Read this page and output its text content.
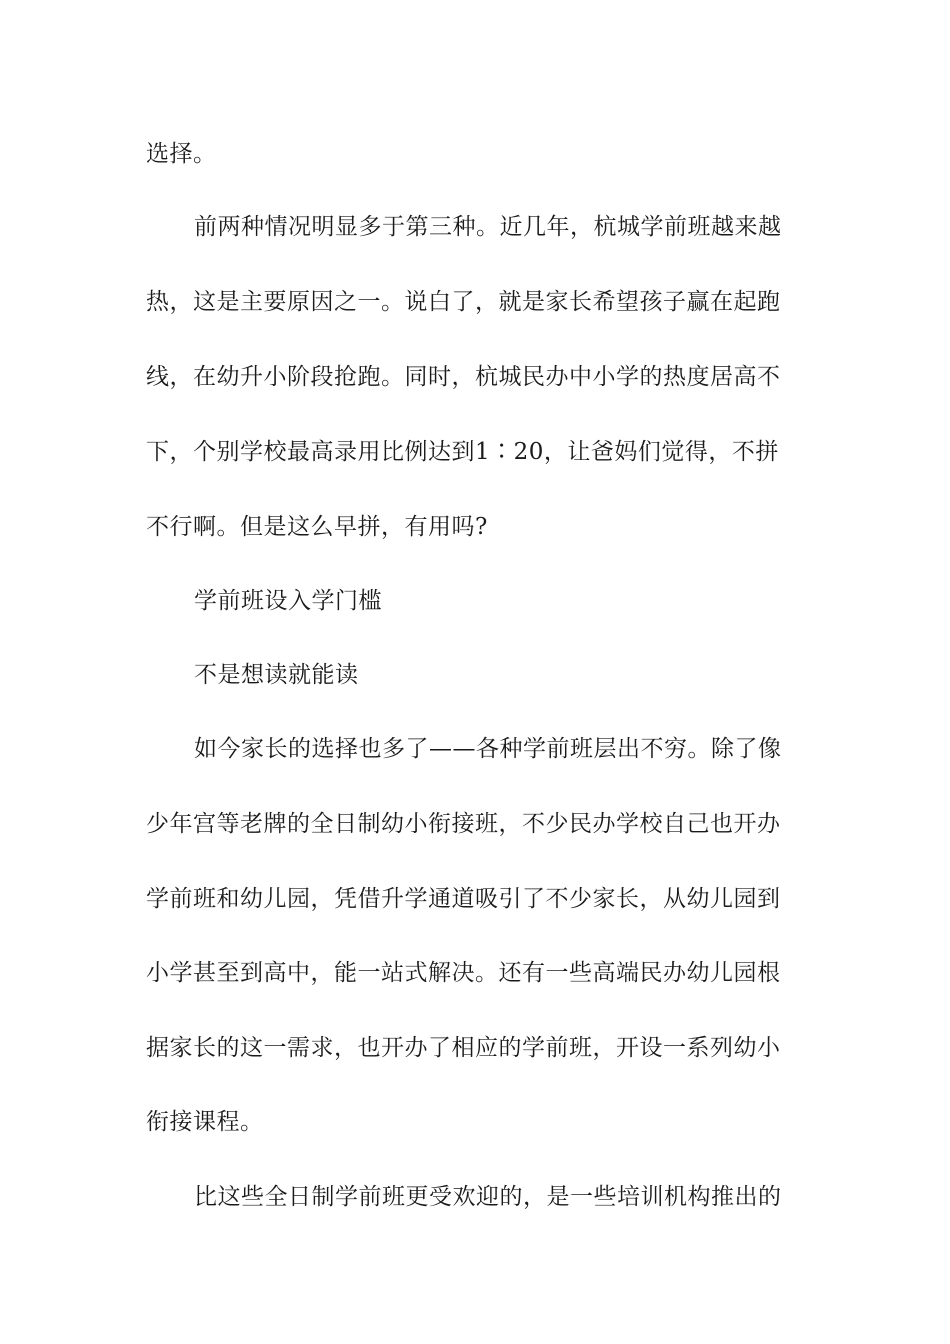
选择。
前两种情况明显多于第三种。近几年，杭城学前班越来越
热，这是主要原因之一。说白了，就是家长希望孩子赢在起跑
线，在幼升小阶段抢跑。同时，杭城民办中小学的热度居高不
下，个别学校最高录用比例达到1∶20，让爸妈们觉得，不拼
不行啊。但是这么早拼，有用吗?
学前班设入学门槛
不是想读就能读
如今家长的选择也多了——各种学前班层出不穷。除了像
少年宫等老牌的全日制幼小衔接班，不少民办学校自己也开办
学前班和幼儿园，凭借升学通道吸引了不少家长，从幼儿园到
小学甚至到高中，能一站式解决。还有一些高端民办幼儿园根
据家长的这一需求，也开办了相应的学前班，开设一系列幼小
衔接课程。
比这些全日制学前班更受欢迎的，是一些培训机构推出的
